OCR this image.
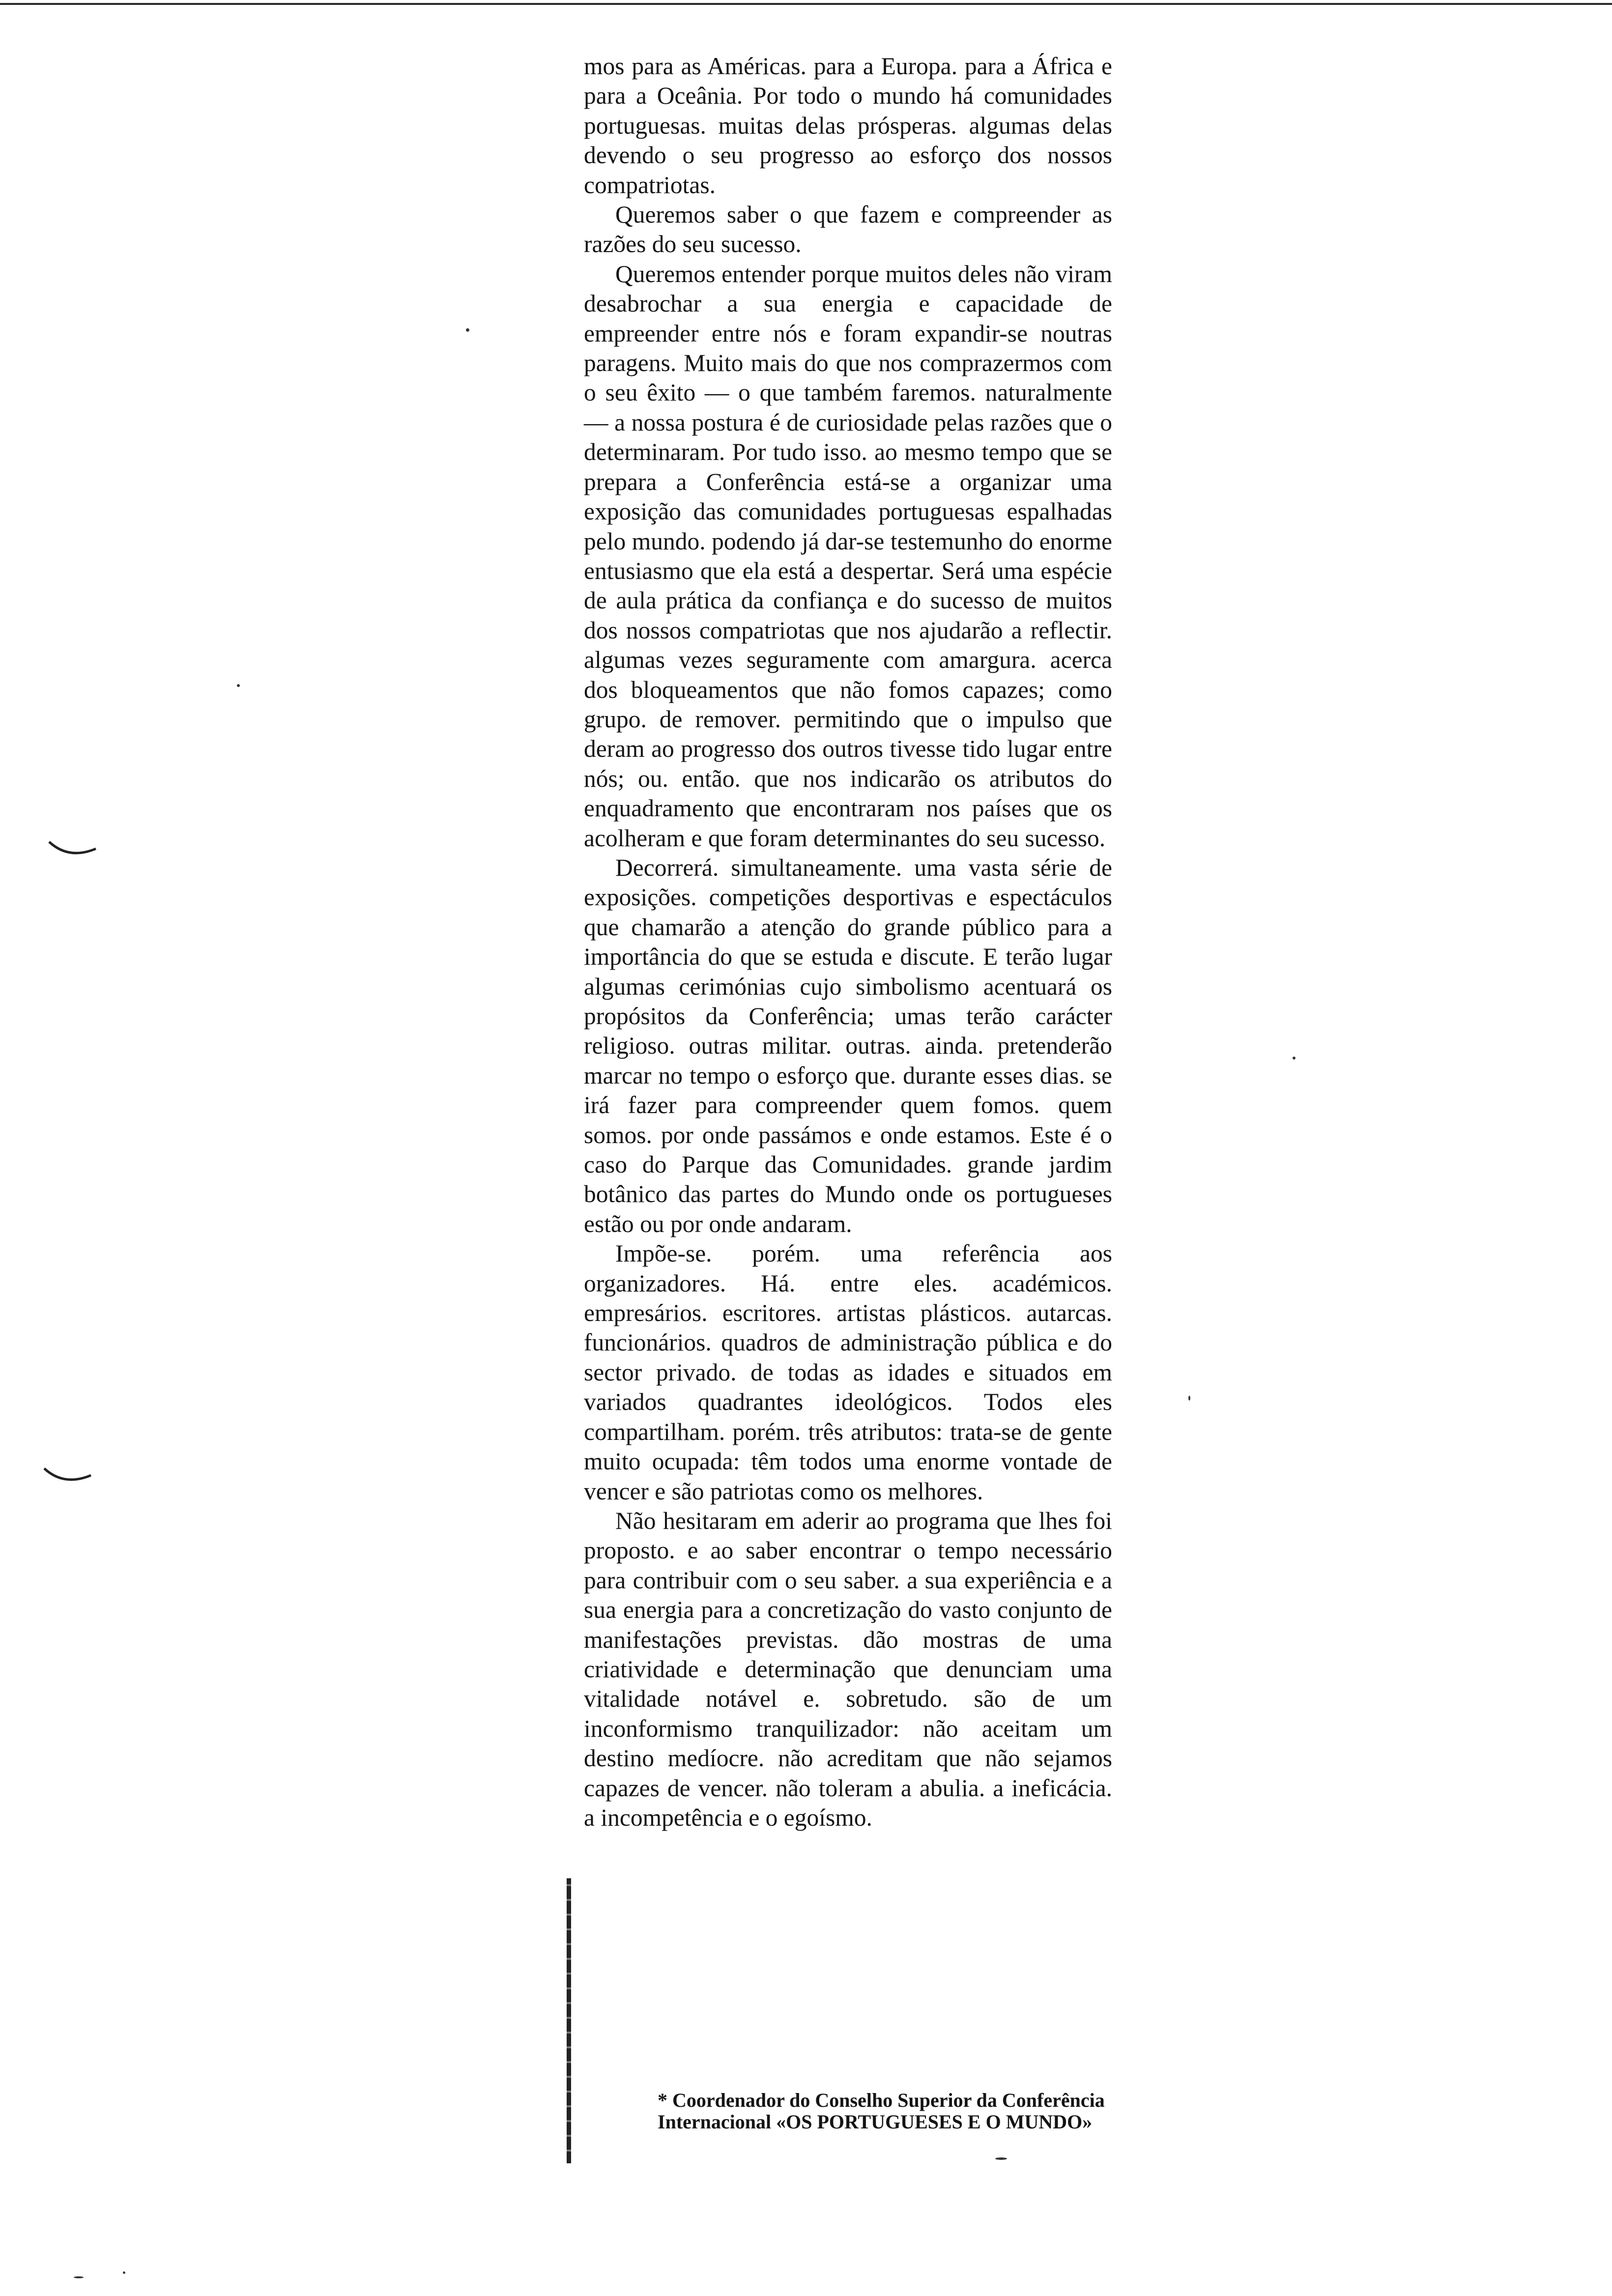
mos para as Américas. para a Europa. para a África e para a Oceânia. Por todo o mundo há comunidades portuguesas. muitas delas prósperas. algumas delas devendo o seu progresso ao esforço dos nossos compatriotas.

Queremos saber o que fazem e compreender as razões do seu sucesso.

Queremos entender porque muitos deles não viram desabrochar a sua energia e capacidade de empreender entre nós e foram expandir-se noutras paragens. Muito mais do que nos comprazermos com o seu êxito — o que também faremos. naturalmente — a nossa postura é de curiosidade pelas razões que o determinaram. Por tudo isso. ao mesmo tempo que se prepara a Conferência está-se a organizar uma exposição das comunidades portuguesas espalhadas pelo mundo. podendo já dar-se testemunho do enorme entusiasmo que ela está a despertar. Será uma espécie de aula prática da confiança e do sucesso de muitos dos nossos compatriotas que nos ajudarão a reflectir. algumas vezes seguramente com amargura. acerca dos bloqueamentos que não fomos capazes; como grupo. de remover. permitindo que o impulso que deram ao progresso dos outros tivesse tido lugar entre nós; ou. então. que nos indicarão os atributos do enquadramento que encontraram nos países que os acolheram e que foram determinantes do seu sucesso.

Decorrerá. simultaneamente. uma vasta série de exposições. competições desportivas e espectáculos que chamarão a atenção do grande público para a importância do que se estuda e discute. E terão lugar algumas cerimónias cujo simbolismo acentuará os propósitos da Conferência; umas terão carácter religioso. outras militar. outras. ainda. pretenderão marcar no tempo o esforço que. durante esses dias. se irá fazer para compreender quem fomos. quem somos. por onde passámos e onde estamos. Este é o caso do Parque das Comunidades. grande jardim botânico das partes do Mundo onde os portugueses estão ou por onde andaram.

Impõe-se. porém. uma referência aos organizadores. Há. entre eles. académicos. empresários. escritores. artistas plásticos. autarcas. funcionários. quadros de administração pública e do sector privado. de todas as idades e situados em variados quadrantes ideológicos. Todos eles compartilham. porém. três atributos: trata-se de gente muito ocupada: têm todos uma enorme vontade de vencer e são patriotas como os melhores.

Não hesitaram em aderir ao programa que lhes foi proposto. e ao saber encontrar o tempo necessário para contribuir com o seu saber. a sua experiência e a sua energia para a concretização do vasto conjunto de manifestações previstas. dão mostras de uma criatividade e determinação que denunciam uma vitalidade notável e. sobretudo. são de um inconformismo tranquilizador: não aceitam um destino medíocre. não acreditam que não sejamos capazes de vencer. não toleram a abulia. a ineficácia. a incompetência e o egoísmo.

* Coordenador do Conselho Superior da Conferência Internacional «OS PORTUGUESES E O MUNDO»
